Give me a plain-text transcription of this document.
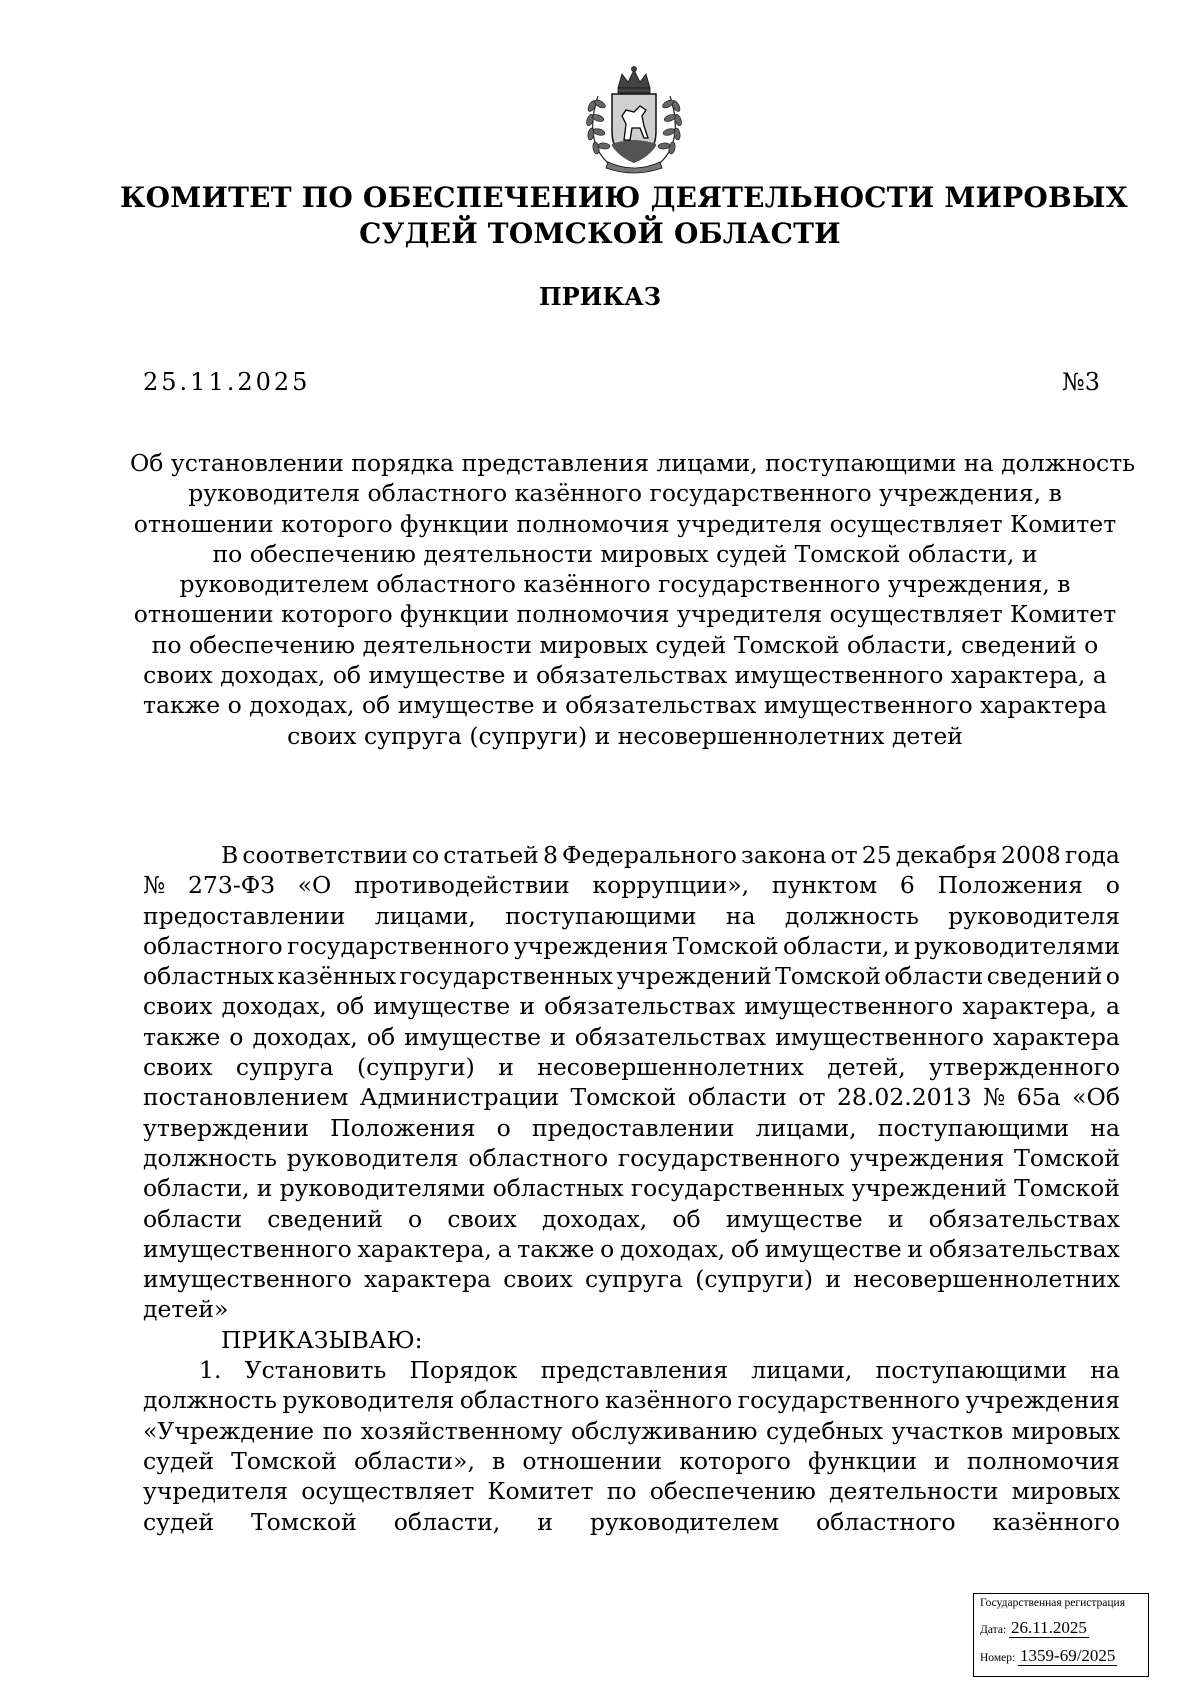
КОМИТЕТ ПО ОБЕСПЕЧЕНИЮ ДЕЯТЕЛЬНОСТИ МИРОВЫХ
СУДЕЙ ТОМСКОЙ ОБЛАСТИ
ПРИКАЗ
25.11.2025	№3
Об установлении порядка представления лицами, поступающими на должность
руководителя областного казённого государственного учреждения, в
отношении которого функции полномочия учредителя осуществляет Комитет
по обеспечению деятельности мировых судей Томской области, и
руководителем областного казённого государственного учреждения, в
отношении которого функции полномочия учредителя осуществляет Комитет
по обеспечению деятельности мировых судей Томской области, сведений о
своих доходах, об имуществе и обязательствах имущественного характера, а
также о доходах, об имуществе и обязательствах имущественного характера
своих супруга (супруги) и несовершеннолетних детей
В соответствии со статьей 8 Федерального закона от 25 декабря 2008 года
№ 273-ФЗ «О противодействии коррупции», пунктом 6 Положения о
предоставлении лицами, поступающими на должность руководителя
областного государственного учреждения Томской области, и руководителями
областных казённых государственных учреждений Томской области сведений о
своих доходах, об имуществе и обязательствах имущественного характера, а
также о доходах, об имуществе и обязательствах имущественного характера
своих супруга (супруги) и несовершеннолетних детей, утвержденного
постановлением Администрации Томской области от 28.02.2013 № 65а «Об
утверждении Положения о предоставлении лицами, поступающими на
должность руководителя областного государственного учреждения Томской
области, и руководителями областных государственных учреждений Томской
области сведений о своих доходах, об имуществе и обязательствах
имущественного характера, а также о доходах, об имуществе и обязательствах
имущественного характера своих супруга (супруги) и несовершеннолетних
детей»
ПРИКАЗЫВАЮ:
1. Установить Порядок представления лицами, поступающими на
должность руководителя областного казённого государственного учреждения
«Учреждение по хозяйственному обслуживанию судебных участков мировых
судей Томской области», в отношении которого функции и полномочия
учредителя осуществляет Комитет по обеспечению деятельности мировых
судей Томской области, и руководителем областного казённого
Государственная регистрация
Дата: 26.11.2025
Номер: 1359-69/2025
